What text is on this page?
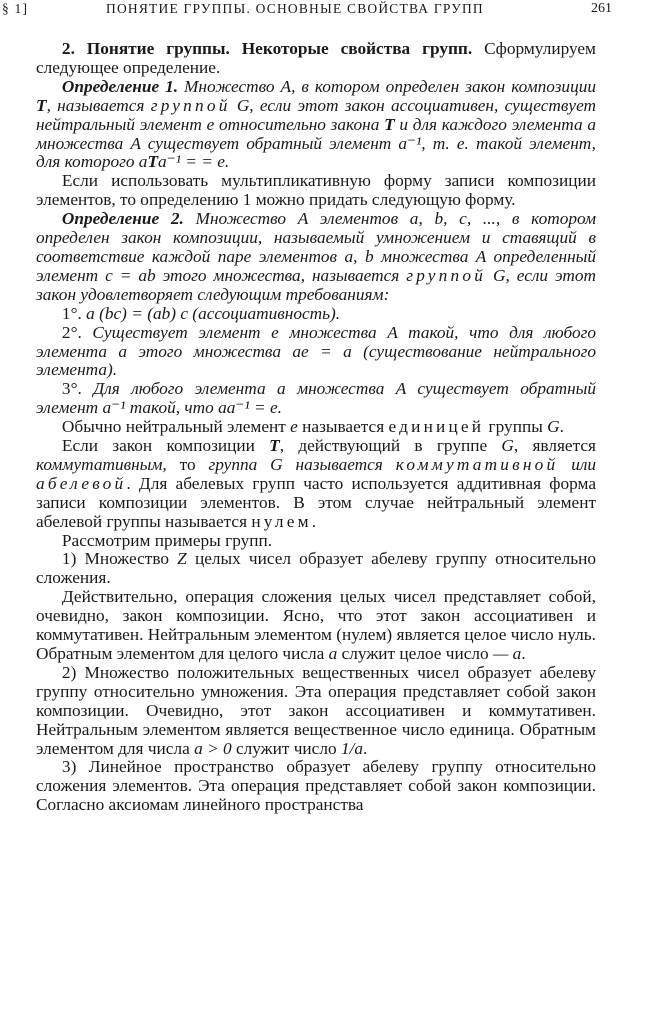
§ 1]	ПОНЯТИЕ ГРУППЫ. ОСНОВНЫЕ СВОЙСТВА ГРУПП	261

  2. Понятие группы. Некоторые свойства групп. Сформулируем следующее определение.

  Определение 1. Множество A, в котором определен закон композиции T, называется группой G, если этот закон ассоциативен, существует нейтральный элемент e относительно закона T и для каждого элемента a множества A существует обратный элемент a⁻¹, т. е. такой элемент, для которого aTa⁻¹ = = e.

  Если использовать мультипликативную форму записи композиции элементов, то определению 1 можно придать следующую форму.

  Определение 2. Множество A элементов a, b, c, ..., в котором определен закон композиции, называемый умножением и ставящий в соответствие каждой паре элементов a, b множества A определенный элемент c = ab этого множества, называется группой G, если этот закон удовлетворяет следующим требованиям:

  1°. a (bc) = (ab) c (ассоциативность).

  2°. Существует элемент e множества A такой, что для любого элемента a этого множества ae = a (существование нейтрального элемента).

  3°. Для любого элемента a множества A существует обратный элемент a⁻¹ такой, что aa⁻¹ = e.

  Обычно нейтральный элемент e называется единицей группы G.

  Если закон композиции T, действующий в группе G, является коммутативным, то группа G называется коммутативной или абелевой. Для абелевых групп часто используется аддитивная форма записи композиции элементов. В этом случае нейтральный элемент абелевой группы называется нулем.

  Рассмотрим примеры групп.

  1) Множество Z целых чисел образует абелеву группу относительно сложения.

  Действительно, операция сложения целых чисел представляет собой, очевидно, закон композиции. Ясно, что этот закон ассоциативен и коммутативен. Нейтральным элементом (нулем) является целое число нуль. Обратным элементом для целого числа a служит целое число — a.

  2) Множество положительных вещественных чисел образует абелеву группу относительно умножения. Эта операция представляет собой закон композиции. Очевидно, этот закон ассоциативен и коммутативен. Нейтральным элементом является вещественное число единица. Обратным элементом для числа a > 0 служит число 1/a.

  3) Линейное пространство образует абелеву группу относительно сложения элементов. Эта операция представляет собой закон композиции. Согласно аксиомам линейного пространства
